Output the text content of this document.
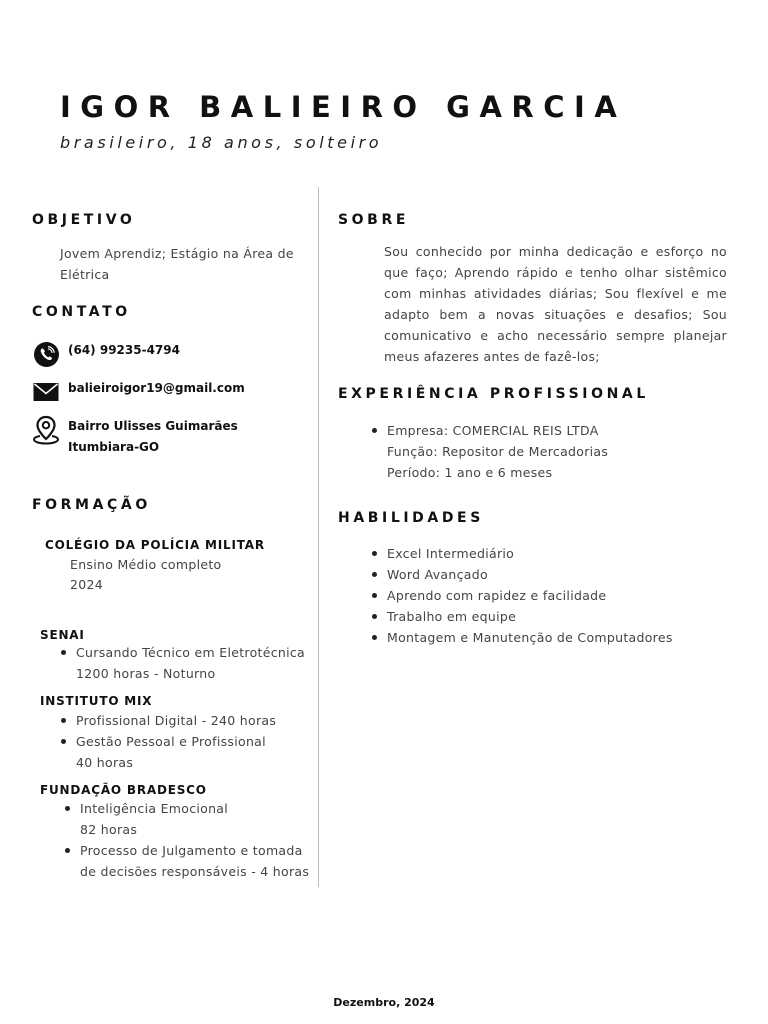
IGOR BALIEIRO GARCIA
brasileiro, 18 anos, solteiro
OBJETIVO
Jovem Aprendiz; Estágio na Área de
Elétrica
CONTATO
(64) 99235-4794
balieiroigor19@gmail.com
Bairro Ulisses Guimarães
Itumbiara-GO
FORMAÇÃO
COLÉGIO DA POLÍCIA MILITAR
Ensino Médio completo
2024
SENAI
Cursando Técnico em Eletrotécnica
1200 horas - Noturno
INSTITUTO MIX
Profissional Digital - 240 horas
Gestão Pessoal e Profissional
40 horas
FUNDAÇÃO BRADESCO
Inteligência Emocional
82 horas
Processo de Julgamento e tomada
de decisões responsáveis - 4 horas
SOBRE
Sou conhecido por minha dedicação e esforço no que faço; Aprendo rápido e tenho olhar sistêmico com minhas atividades diárias; Sou flexível e me adapto bem a novas situações e desafios; Sou comunicativo e acho necessário sempre planejar meus afazeres antes de fazê-los;
EXPERIÊNCIA PROFISSIONAL
Empresa: COMERCIAL REIS LTDA
Função: Repositor de Mercadorias
Período: 1 ano e 6 meses
HABILIDADES
Excel Intermediário
Word Avançado
Aprendo com rapidez e facilidade
Trabalho em equipe
Montagem e Manutenção de Computadores
Dezembro, 2024
